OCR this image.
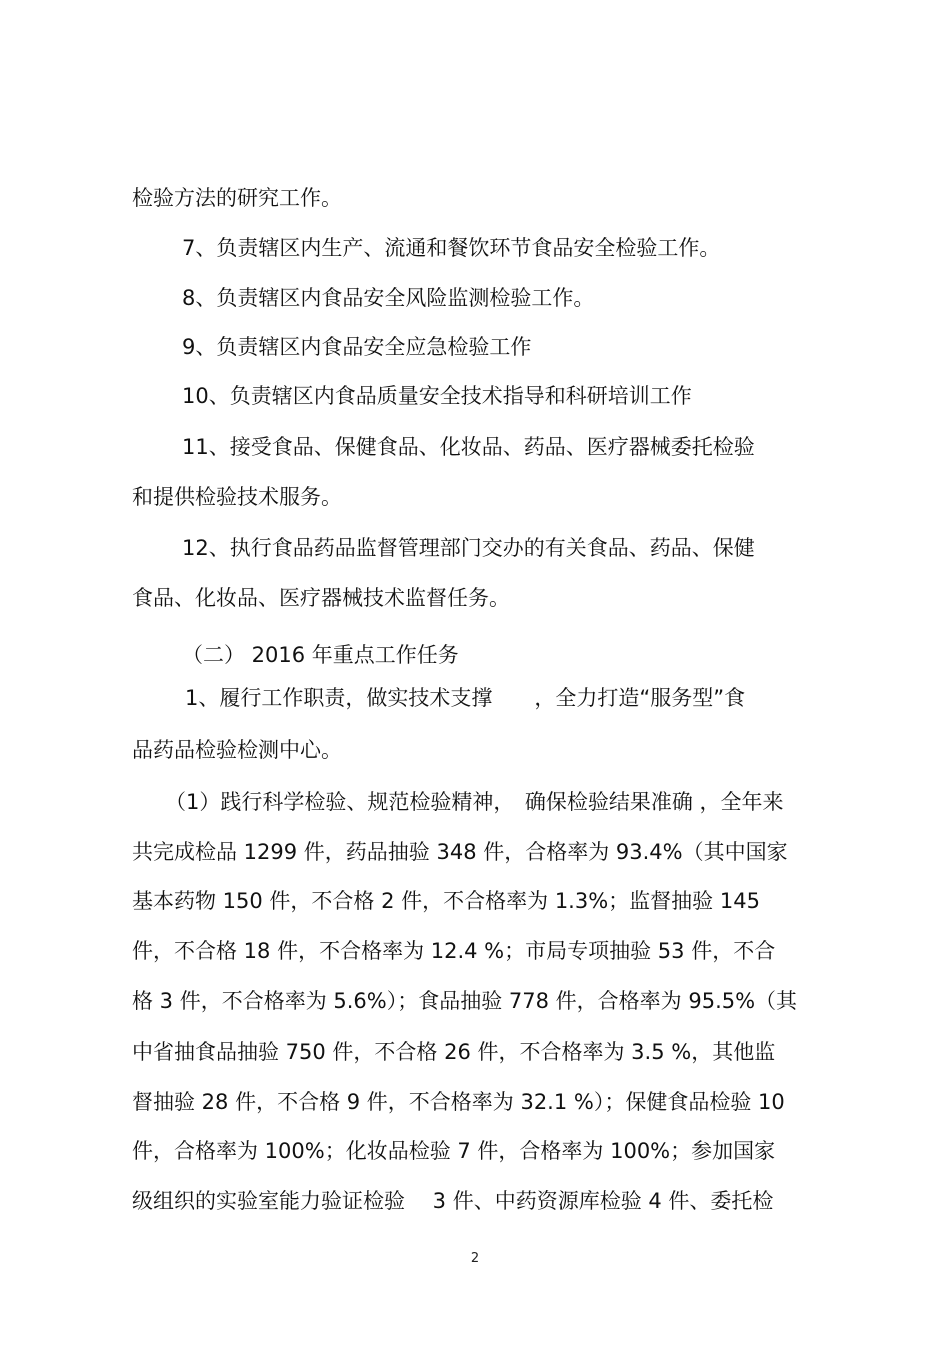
检验方法的研究工作。
7、负责辖区内生产、流通和餐饮环节食品安全检验工作。
8、负责辖区内食品安全风险监测检验工作。
9、负责辖区内食品安全应急检验工作
10、负责辖区内食品质量安全技术指导和科研培训工作
11、接受食品、保健食品、化妆品、药品、医疗器械委托检验
和提供检验技术服务。
12、执行食品药品监督管理部门交办的有关食品、药品、保健
食品、化妆品、医疗器械技术监督任务。
（二） 2016 年重点工作任务
1、履行工作职责，做实技术支撑　　，全力打造“服务型”食
品药品检验检测中心。
（1）践行科学检验、规范检验精神，　确保检验结果准确 ，全年来
共完成检品 1299 件，药品抽验 348 件，合格率为 93.4%（其中国家
基本药物 150 件，不合格 2 件，不合格率为 1.3%；监督抽验 145
件，不合格 18 件，不合格率为 12.4 %；市局专项抽验 53 件，不合
格 3 件，不合格率为 5.6%）；食品抽验 778 件，合格率为 95.5%（其
中省抽食品抽验 750 件，不合格 26 件，不合格率为 3.5 %，其他监
督抽验 28 件，不合格 9 件，不合格率为 32.1 %）；保健食品检验 10
件，合格率为 100%；化妆品检验 7 件，合格率为 100%；参加国家
级组织的实验室能力验证检验　 3 件、中药资源库检验 4 件、委托检
2
